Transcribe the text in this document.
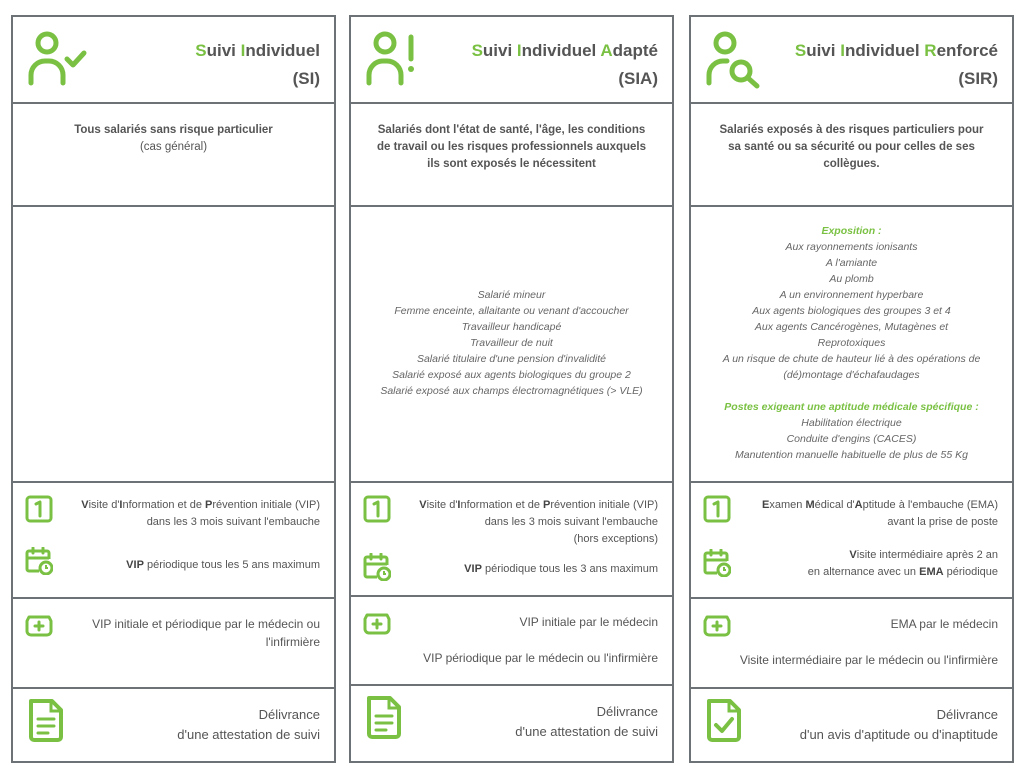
Suivi Individuel
(SI)
Tous salariés sans risque particulier
(cas général)
Visite d'Information et de Prévention initiale (VIP)
dans les 3 mois suivant l'embauche
VIP périodique tous les 5 ans maximum
VIP initiale et périodique par le médecin ou
l'infirmière
Délivrance
d'une attestation de suivi
Suivi Individuel Adapté
(SIA)
Salariés dont l'état de santé, l'âge, les conditions
de travail ou les risques professionnels auxquels
ils sont exposés le nécessitent
Salarié mineur
Femme enceinte, allaitante ou venant d'accoucher
Travailleur handicapé
Travailleur de nuit
Salarié titulaire d'une pension d'invalidité
Salarié exposé aux agents biologiques du groupe 2
Salarié exposé aux champs électromagnétiques (> VLE)
Visite d'Information et de Prévention initiale (VIP)
dans les 3 mois suivant l'embauche
(hors exceptions)
VIP périodique tous les 3 ans maximum
VIP initiale par le médecin
VIP périodique par le médecin ou l'infirmière
Délivrance
d'une attestation de suivi
Suivi Individuel Renforcé
(SIR)
Salariés exposés à des risques particuliers pour
sa santé ou sa sécurité ou pour celles de ses
collègues.
Exposition :
Aux rayonnements ionisants
A l'amiante
Au plomb
A un environnement hyperbare
Aux agents biologiques des groupes 3 et 4
Aux agents Cancérogènes, Mutagènes et
Reprotoxiques
A un risque de chute de hauteur lié à des opérations de
(dé)montage d'échafaudages
Postes exigeant une aptitude médicale spécifique :
Habilitation électrique
Conduite d'engins (CACES)
Manutention manuelle habituelle de plus de 55 Kg
Examen Médical d'Aptitude à l'embauche (EMA)
avant la prise de poste
Visite intermédiaire après 2 an
en alternance avec un EMA périodique
EMA par le médecin
Visite intermédiaire par le médecin ou l'infirmière
Délivrance
d'un avis d'aptitude ou d'inaptitude
